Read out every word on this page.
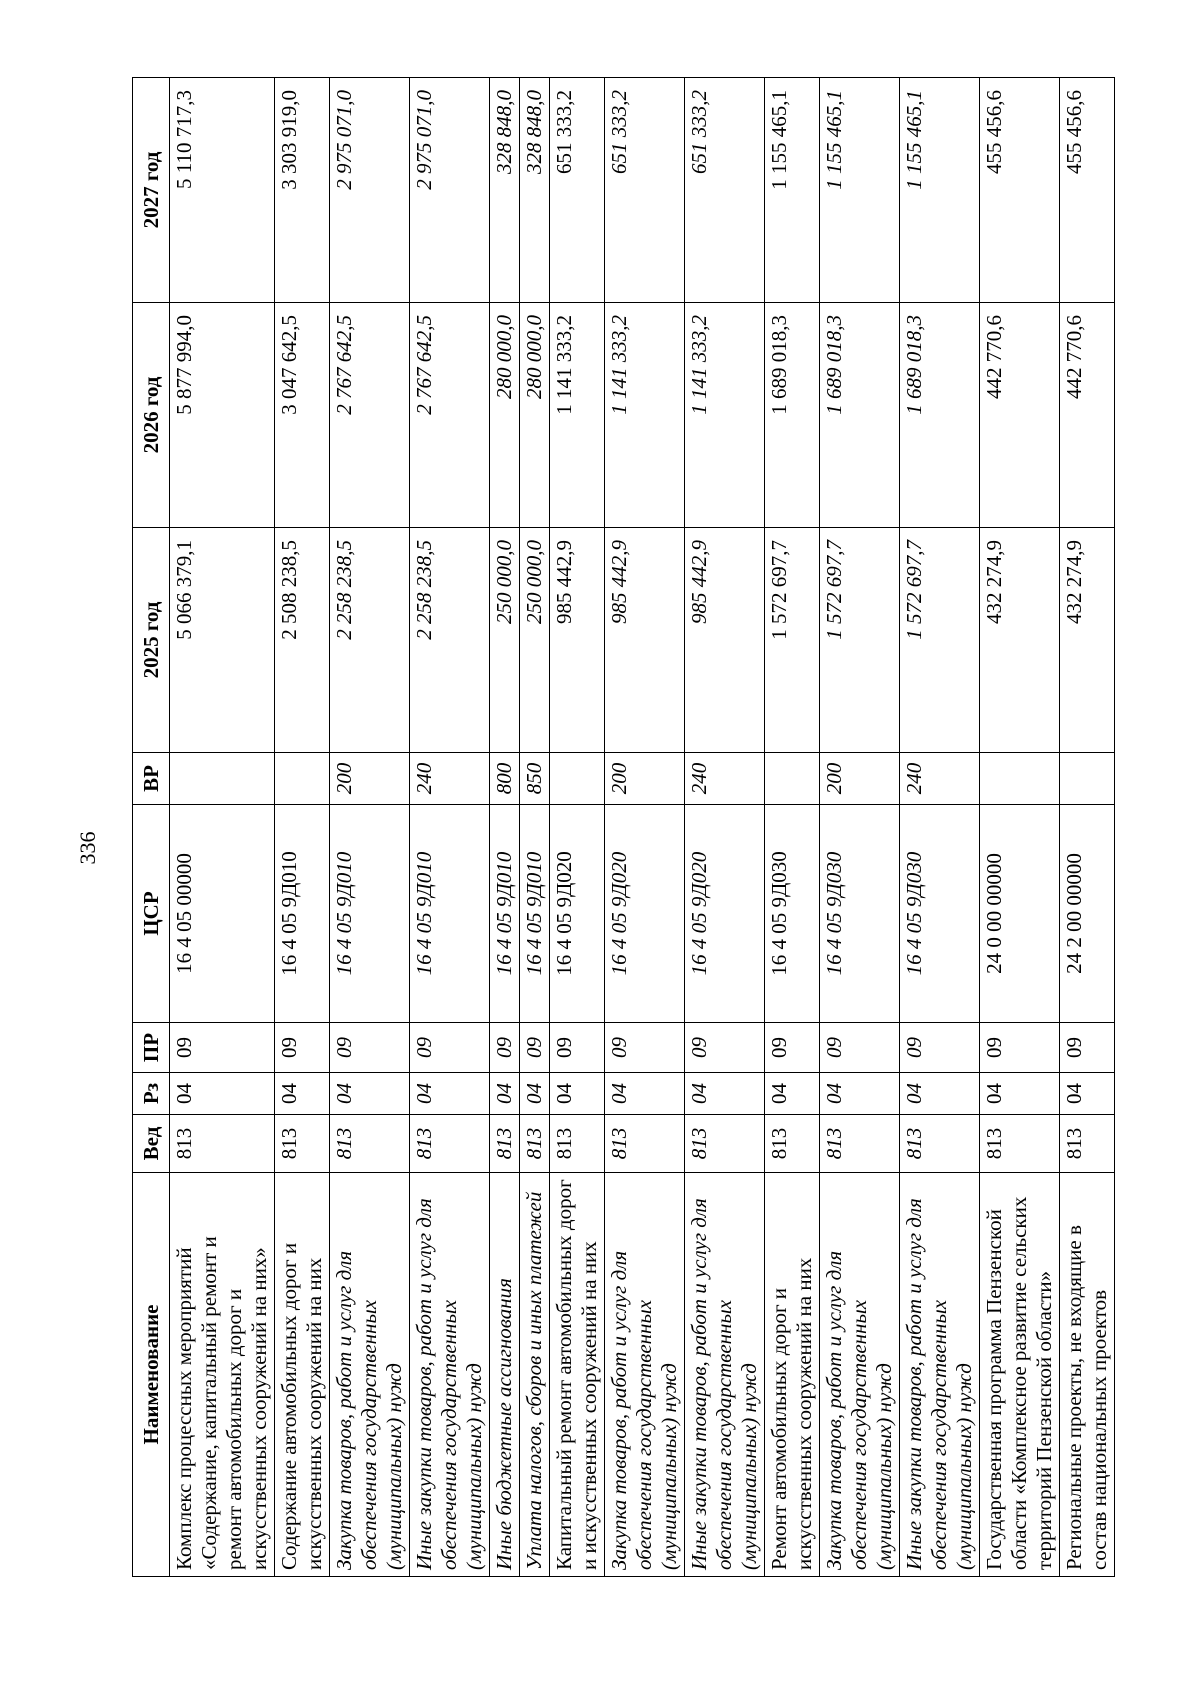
336
Наименование	Вед	Рз	ПР	ЦСР	ВР	2025 год	2026 год	2027 год
Комплекс процессных мероприятий «Содержание, капитальный ремонт и ремонт автомобильных дорог и искусственных сооружений на них»	813	04	09	16 4 05 00000		5 066 379,1	5 877 994,0	5 110 717,3
Содержание автомобильных дорог и искусственных сооружений на них	813	04	09	16 4 05 9Д010		2 508 238,5	3 047 642,5	3 303 919,0
Закупка товаров, работ и услуг для обеспечения государственных (муниципальных) нужд	813	04	09	16 4 05 9Д010	200	2 258 238,5	2 767 642,5	2 975 071,0
Иные закупки товаров, работ и услуг для обеспечения государственных (муниципальных) нужд	813	04	09	16 4 05 9Д010	240	2 258 238,5	2 767 642,5	2 975 071,0
Иные бюджетные ассигнования	813	04	09	16 4 05 9Д010	800	250 000,0	280 000,0	328 848,0
Уплата налогов, сборов и иных платежей	813	04	09	16 4 05 9Д010	850	250 000,0	280 000,0	328 848,0
Капитальный ремонт автомобильных дорог и искусственных сооружений на них	813	04	09	16 4 05 9Д020		985 442,9	1 141 333,2	651 333,2
Закупка товаров, работ и услуг для обеспечения государственных (муниципальных) нужд	813	04	09	16 4 05 9Д020	200	985 442,9	1 141 333,2	651 333,2
Иные закупки товаров, работ и услуг для обеспечения государственных (муниципальных) нужд	813	04	09	16 4 05 9Д020	240	985 442,9	1 141 333,2	651 333,2
Ремонт автомобильных дорог и искусственных сооружений на них	813	04	09	16 4 05 9Д030		1 572 697,7	1 689 018,3	1 155 465,1
Закупка товаров, работ и услуг для обеспечения государственных (муниципальных) нужд	813	04	09	16 4 05 9Д030	200	1 572 697,7	1 689 018,3	1 155 465,1
Иные закупки товаров, работ и услуг для обеспечения государственных (муниципальных) нужд	813	04	09	16 4 05 9Д030	240	1 572 697,7	1 689 018,3	1 155 465,1
Государственная программа Пензенской области «Комплексное развитие сельских территорий Пензенской области»	813	04	09	24 0 00 00000		432 274,9	442 770,6	455 456,6
Региональные проекты, не входящие в состав национальных проектов	813	04	09	24 2 00 00000		432 274,9	442 770,6	455 456,6
